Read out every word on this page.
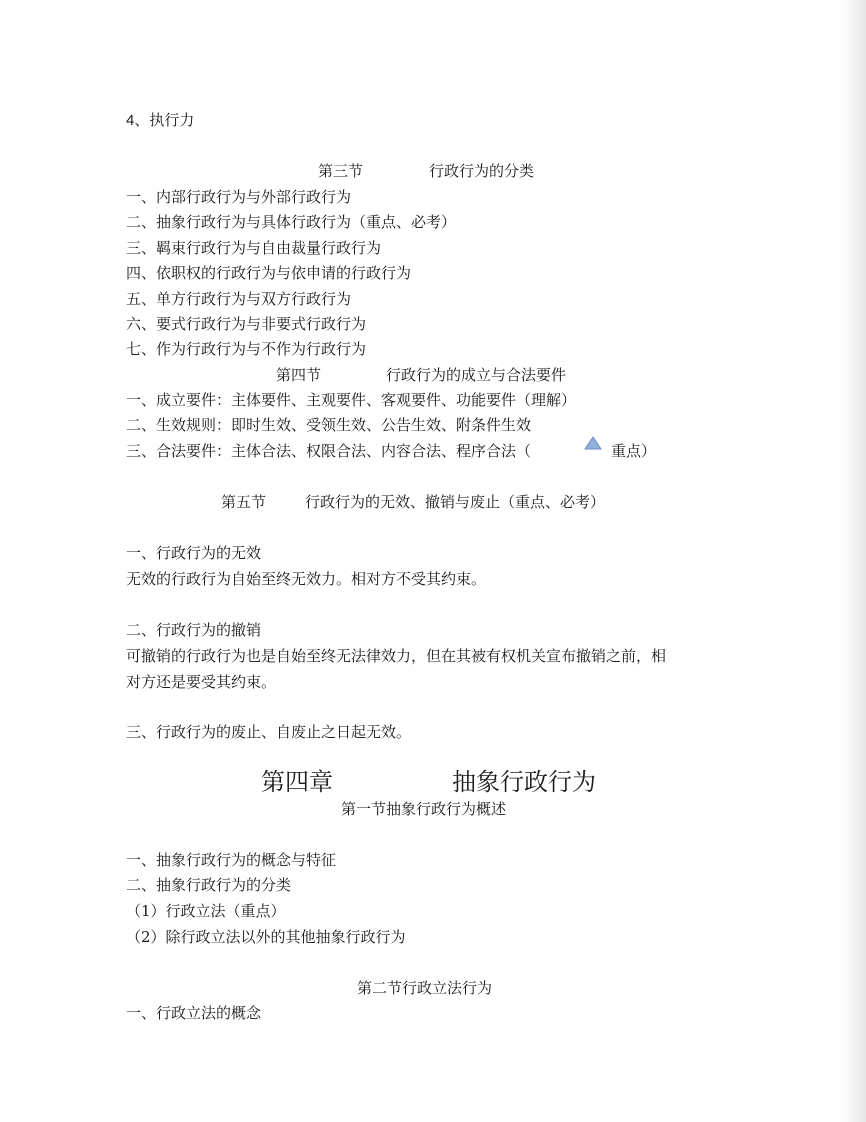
4、执行力
第三节	行政行为的分类
一、内部行政行为与外部行政行为
二、抽象行政行为与具体行政行为（重点、必考）
三、羁束行政行为与自由裁量行政行为
四、依职权的行政行为与依申请的行政行为
五、单方行政行为与双方行政行为
六、要式行政行为与非要式行政行为
七、作为行政行为与不作为行政行为
第四节	行政行为的成立与合法要件
一、成立要件：主体要件、主观要件、客观要件、功能要件（理解）
二、生效规则：即时生效、受领生效、公告生效、附条件生效
三、合法要件：主体合法、权限合法、内容合法、程序合法（	重点）
第五节	行政行为的无效、撤销与废止（重点、必考）
一、行政行为的无效
无效的行政行为自始至终无效力。相对方不受其约束。
二、行政行为的撤销
可撤销的行政行为也是自始至终无法律效力，但在其被有权机关宣布撤销之前，相
对方还是要受其约束。
三、行政行为的废止、自废止之日起无效。
第四章	抽象行政行为
第一节抽象行政行为概述
一、抽象行政行为的概念与特征
二、抽象行政行为的分类
（1）行政立法（重点）
（2）除行政立法以外的其他抽象行政行为
第二节行政立法行为
一、行政立法的概念
